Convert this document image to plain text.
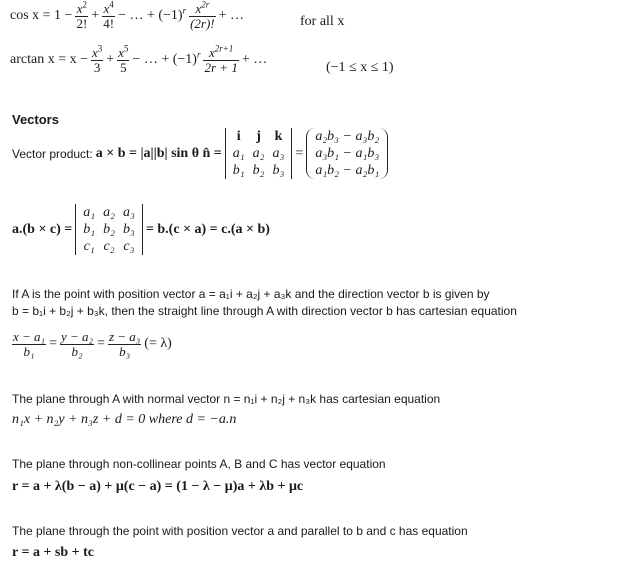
$\cos x = 1 - \frac{x^2}{2!} + \frac{x^4}{4!}$ − … + $(-1)^r \frac{x^{2r}}{(2r)!}$ + …	for all x
$\arctan x = x - \frac{x^3}{3} + \frac{x^5}{5}$ − … + $(-1)^r \frac{x^{2r+1}}{2r + 1}$ + …
(−1 ≤ x ≤ 1)
Vectors
Vector product: a × b = |a||b| sin θ n̂ =
i	j	k
a₁	a₂	a₃
b₁	b₂	b₃
=
a₂b₃ − a₃b₂
a₃b₁ − a₁b₃
a₁b₂ − a₂b₁
a.(b × c) =
a₁	a₂	a₃
b₁	b₂	b₃
c₁	c₂	c₃
= b.(c × a) = c.(a × b)
If A is the point with position vector a = a₁i + a₂j + a₃k and the direction vector b is given by
b = b₁i + b₂j + b₃k, then the straight line through A with direction vector b has cartesian equation
$\frac{\text{x − a₁}}{\text{b₁}} = \frac{\text{y − a₂}}{\text{b₂}} = \frac{\text{z − a₃}}{\text{b₃}}$ (= λ)
The plane through A with normal vector n = n₁i + n₂j + n₃k has cartesian equation
n₁x + n₂y + n₃z + d = 0 where d = −a.n
The plane through non-collinear points A, B and C has vector equation
r = a + λ(b − a) + μ(c − a) = (1 − λ − μ)a + λb + μc
The plane through the point with position vector a and parallel to b and c has equation
r = a + sb + tc
